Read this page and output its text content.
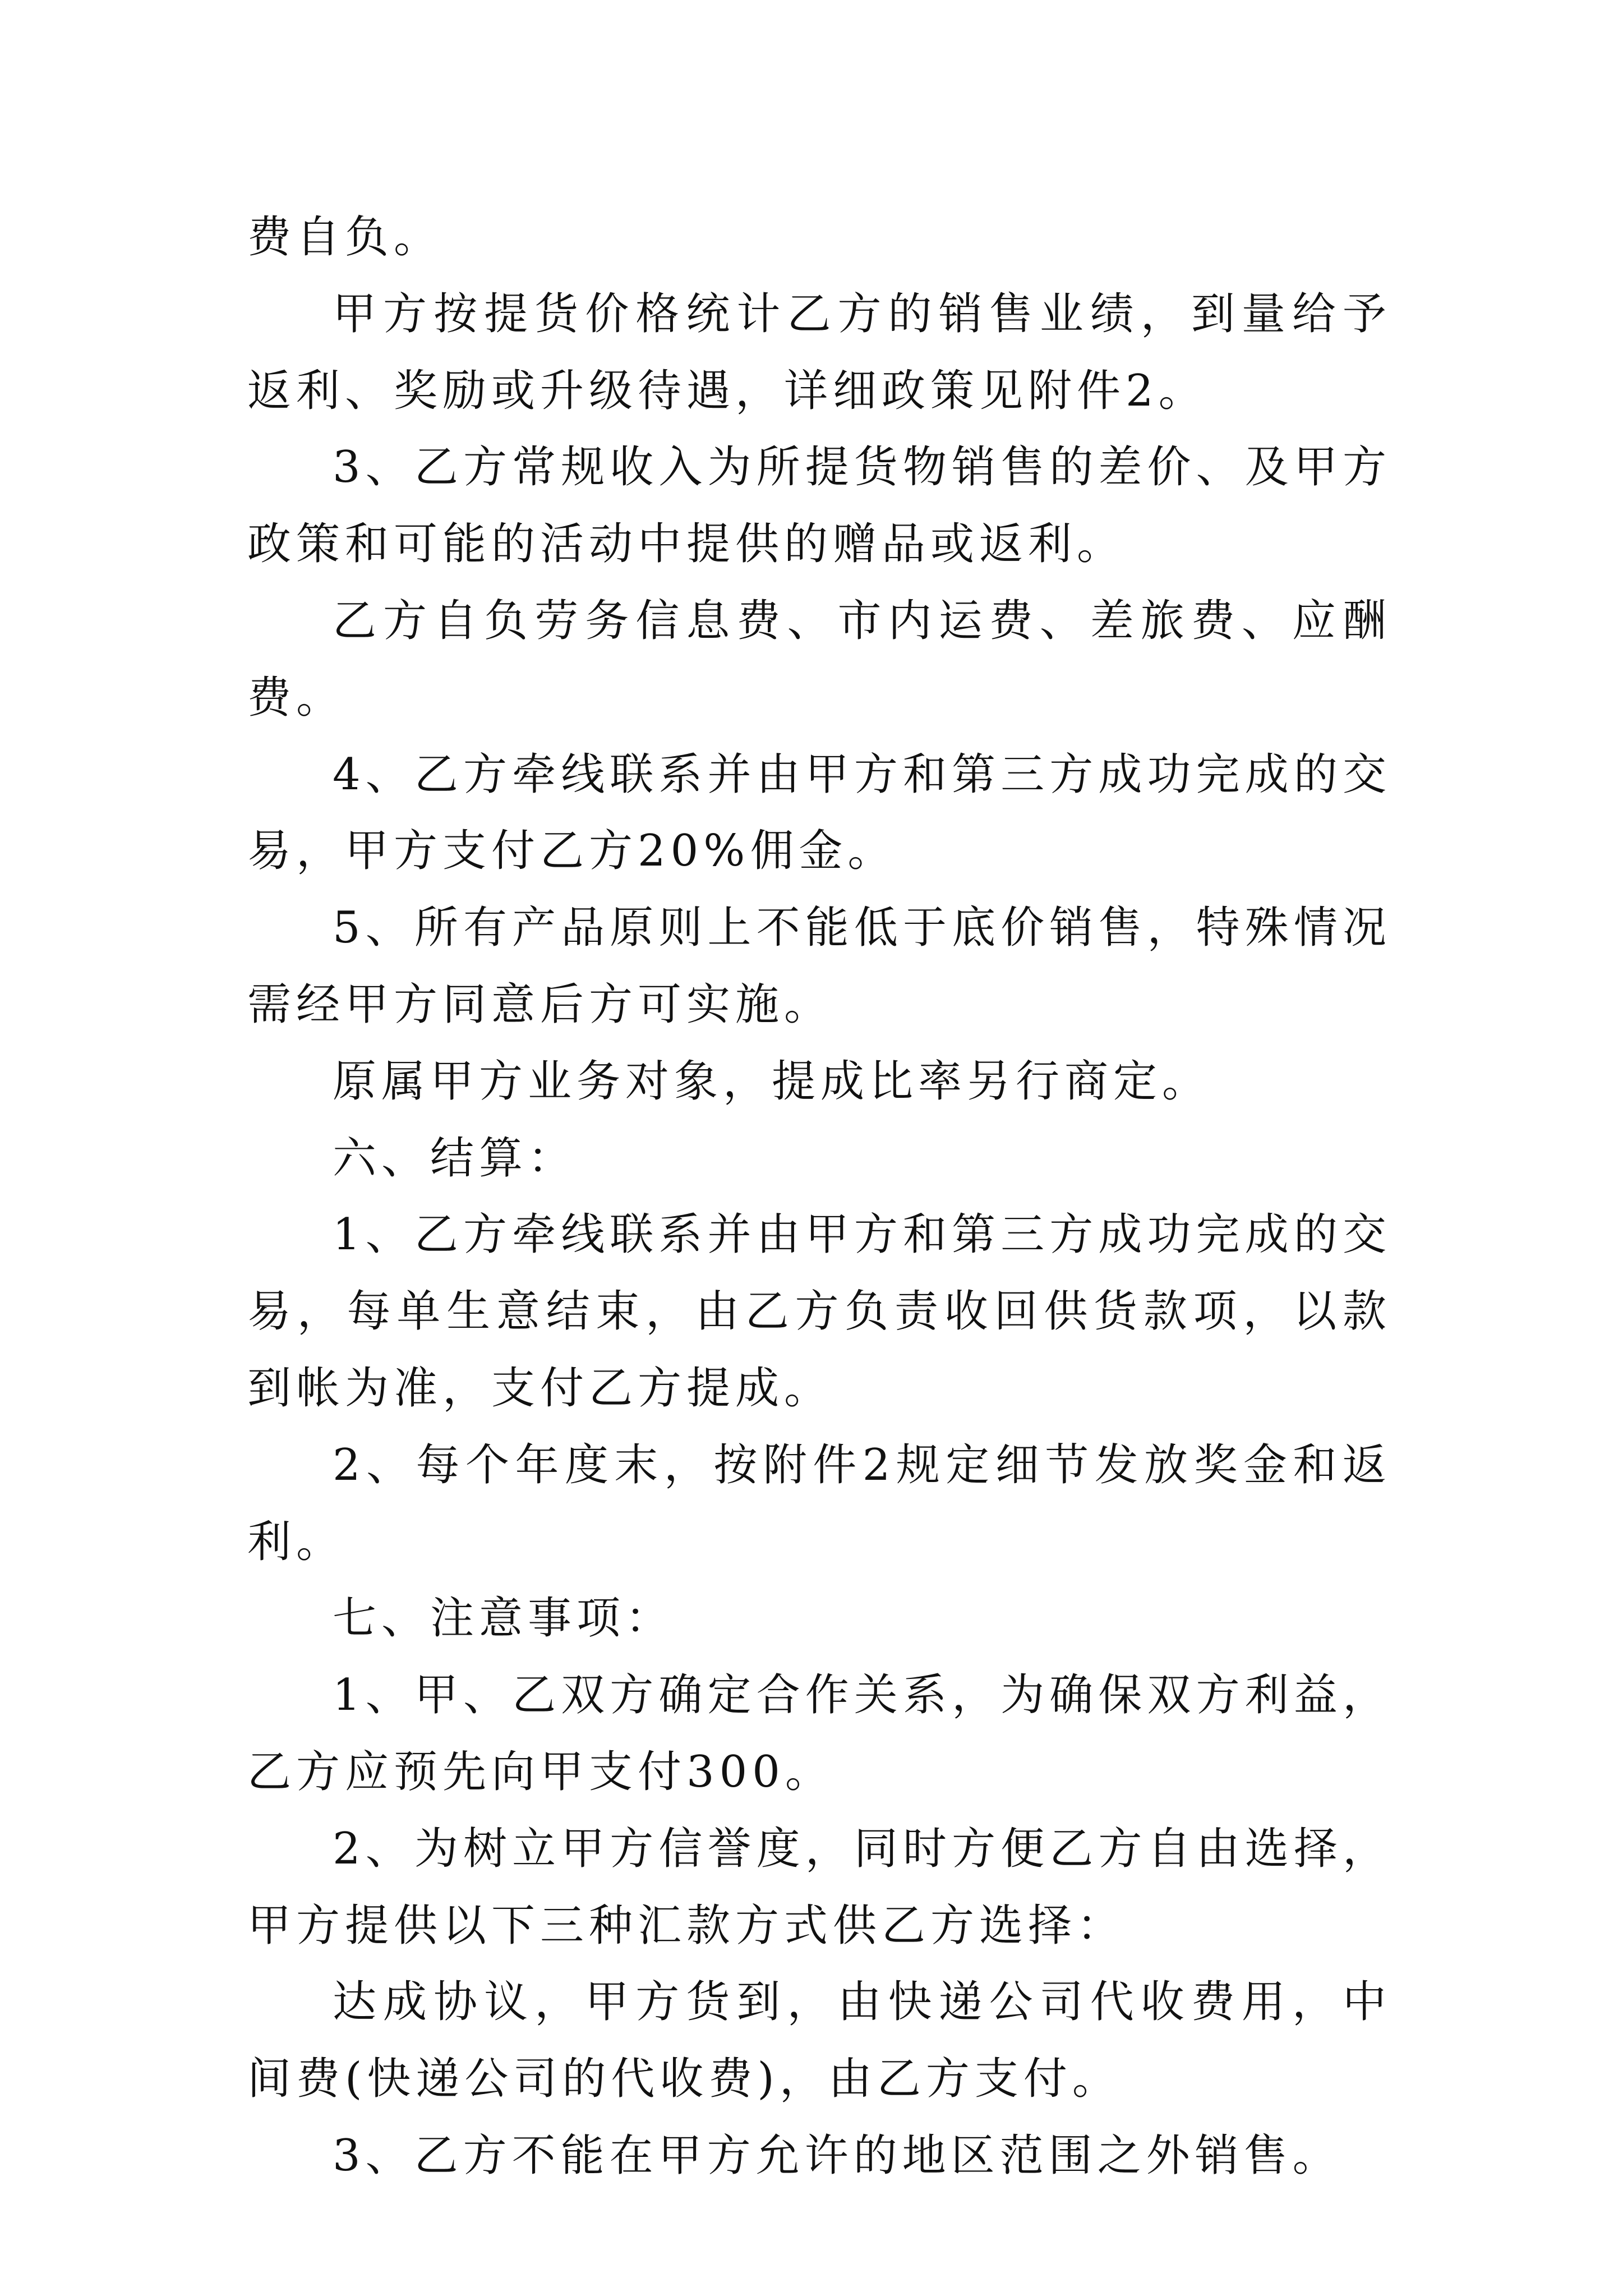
费自负。

甲方按提货价格统计乙方的销售业绩，到量给予返利、奖励或升级待遇，详细政策见附件2。

3、乙方常规收入为所提货物销售的差价、及甲方政策和可能的活动中提供的赠品或返利。

乙方自负劳务信息费、市内运费、差旅费、应酬费。

4、乙方牵线联系并由甲方和第三方成功完成的交易，甲方支付乙方20%佣金。

5、所有产品原则上不能低于底价销售，特殊情况需经甲方同意后方可实施。

原属甲方业务对象，提成比率另行商定。

六、结算：

1、乙方牵线联系并由甲方和第三方成功完成的交易，每单生意结束，由乙方负责收回供货款项，以款到帐为准，支付乙方提成。

2、每个年度末，按附件2规定细节发放奖金和返利。

七、注意事项：

1、甲、乙双方确定合作关系，为确保双方利益，乙方应预先向甲支付300。

2、为树立甲方信誉度，同时方便乙方自由选择，甲方提供以下三种汇款方式供乙方选择：

达成协议，甲方货到，由快递公司代收费用，中间费(快递公司的代收费)，由乙方支付。

3、乙方不能在甲方允许的地区范围之外销售。
